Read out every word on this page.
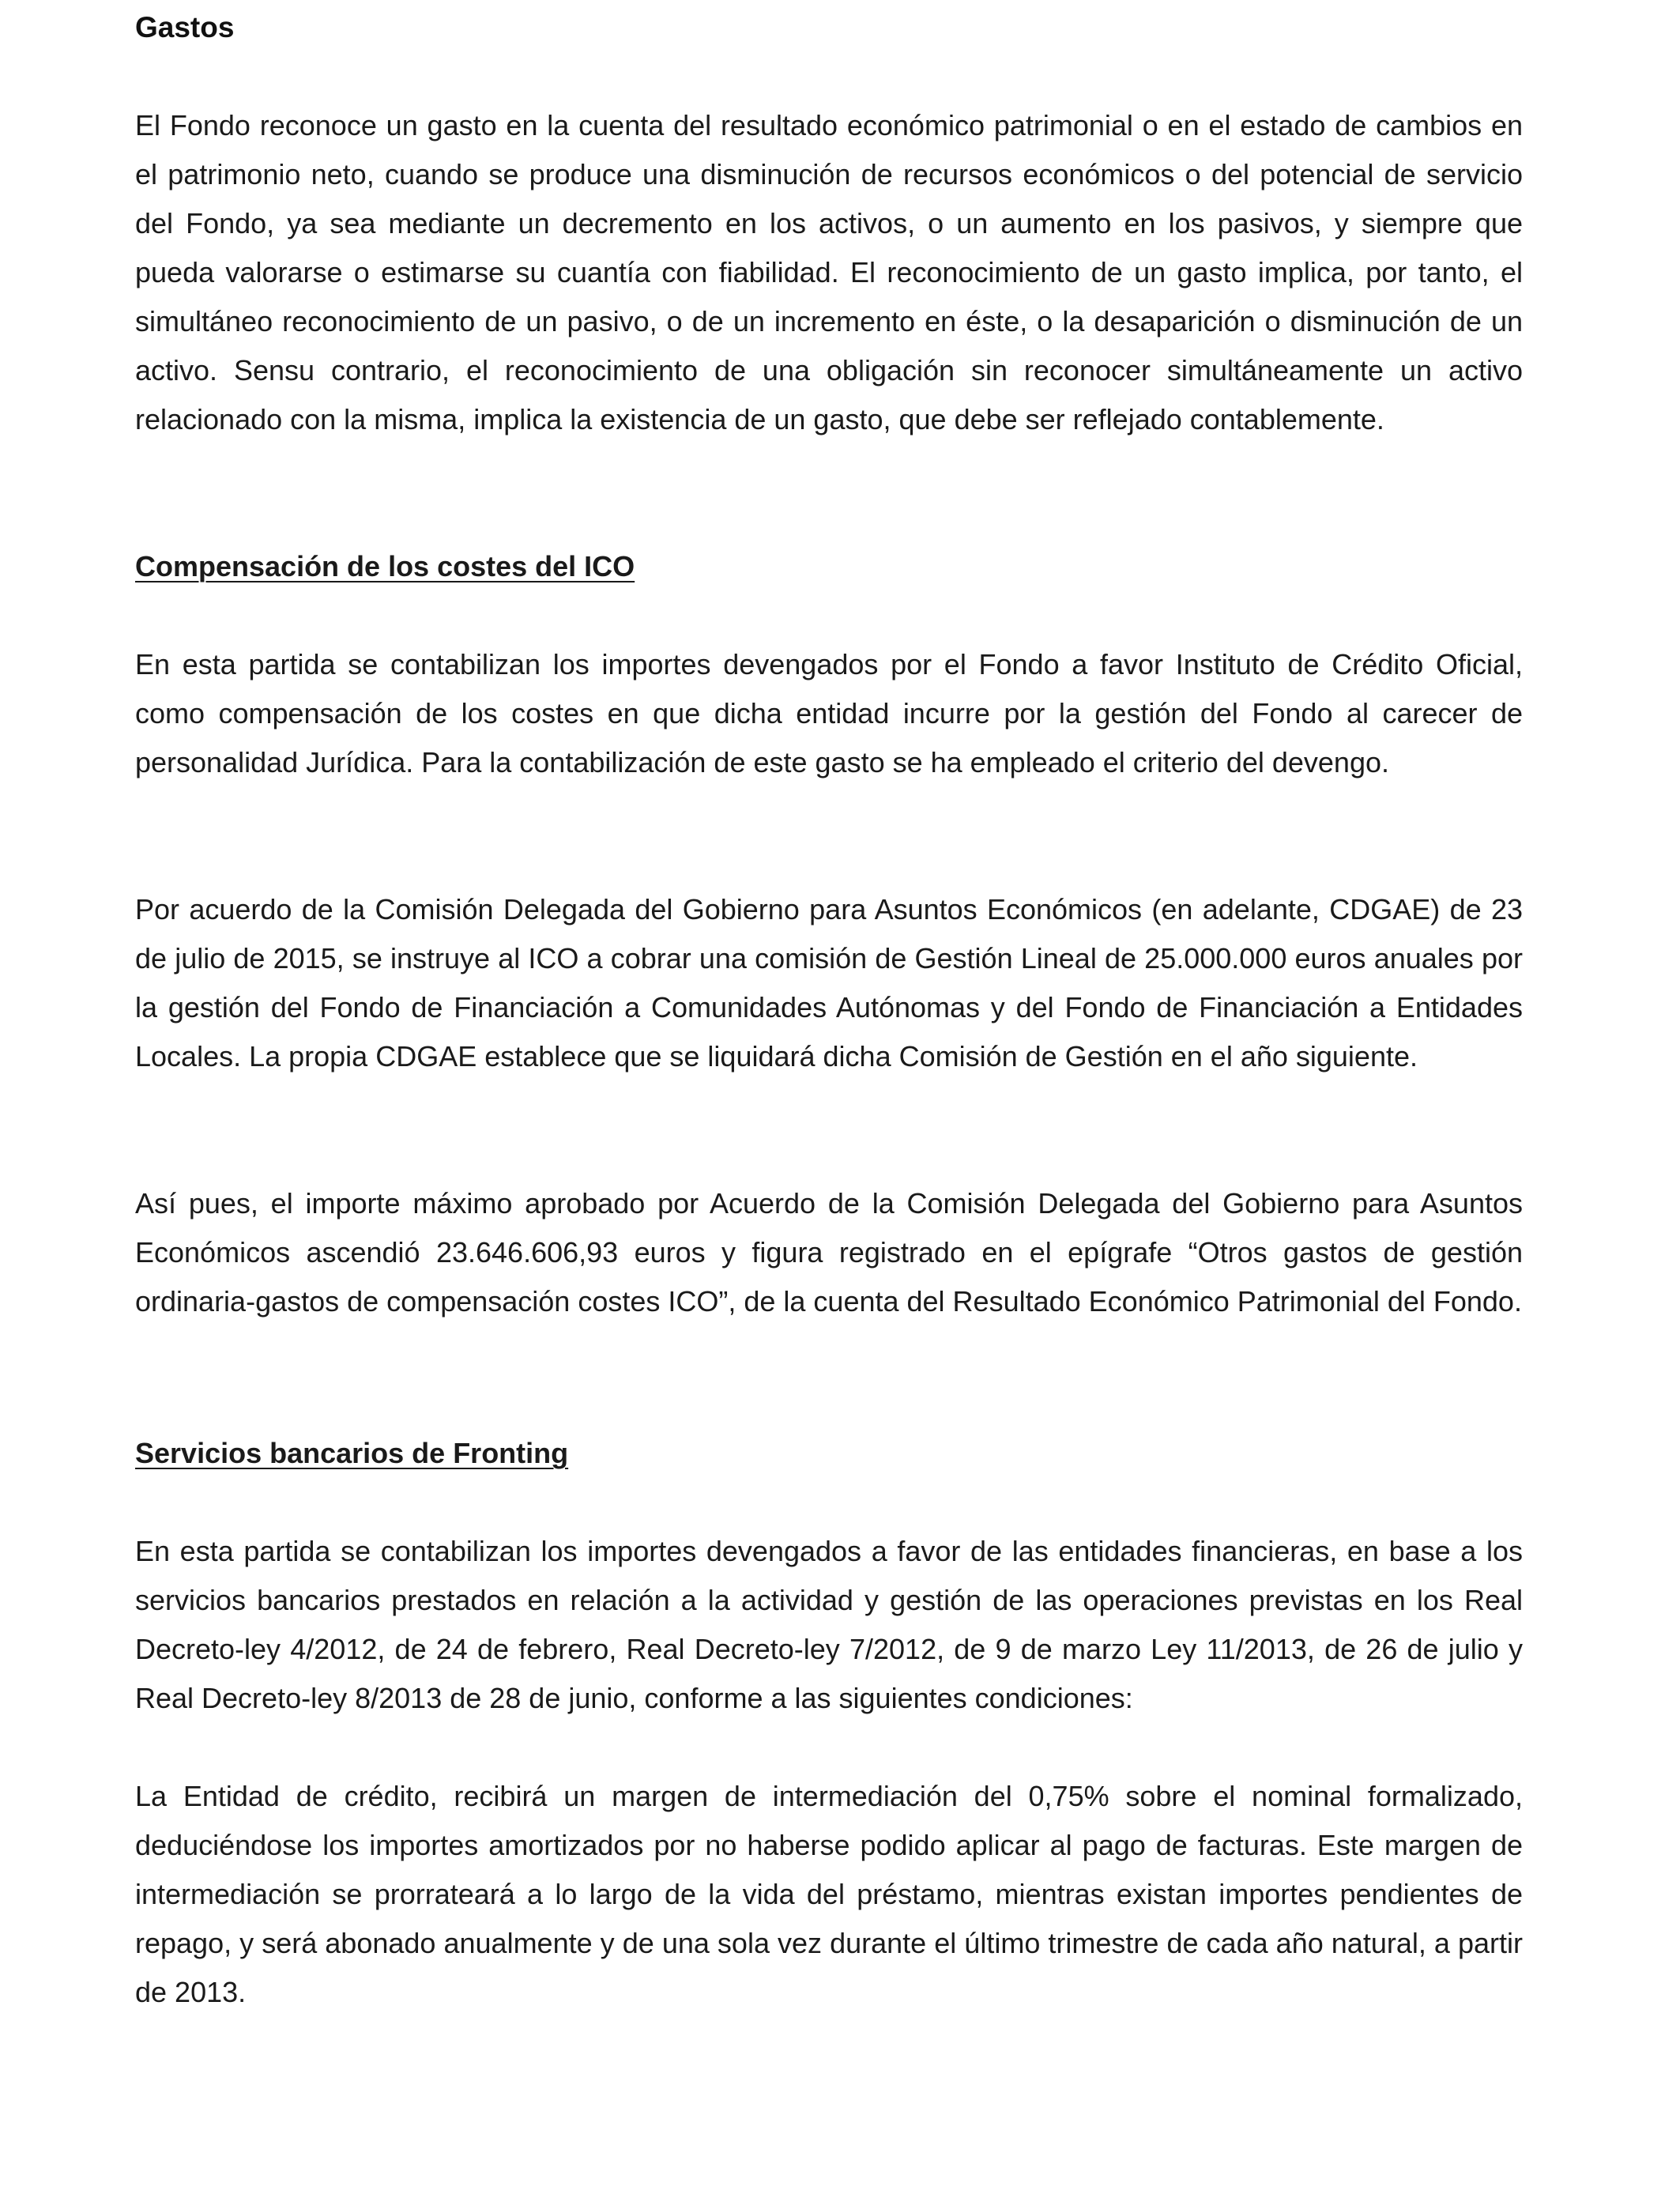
Gastos

El Fondo reconoce un gasto en la cuenta del resultado económico patrimonial o en el estado de cambios en el patrimonio neto, cuando se produce una disminución de recursos económicos o del potencial de servicio del Fondo, ya sea mediante un decremento en los activos, o un aumento en los pasivos, y siempre que pueda valorarse o estimarse su cuantía con fiabilidad. El reconocimiento de un gasto implica, por tanto, el simultáneo reconocimiento de un pasivo, o de un incremento en éste, o la desaparición o disminución de un activo. Sensu contrario, el reconocimiento de una obligación sin reconocer simultáneamente un activo relacionado con la misma, implica la existencia de un gasto, que debe ser reflejado contablemente.

Compensación de los costes del ICO

En esta partida se contabilizan los importes devengados por el Fondo a favor Instituto de Crédito Oficial, como compensación de los costes en que dicha entidad incurre por la gestión del Fondo al carecer de personalidad Jurídica. Para la contabilización de este gasto se ha empleado el criterio del devengo.

Por acuerdo de la Comisión Delegada del Gobierno para Asuntos Económicos (en adelante, CDGAE) de 23 de julio de 2015, se instruye al ICO a cobrar una comisión de Gestión Lineal de 25.000.000 euros anuales por la gestión del Fondo de Financiación a Comunidades Autónomas y del Fondo de Financiación a Entidades Locales. La propia CDGAE establece que se liquidará dicha Comisión de Gestión en el año siguiente.

Así pues, el importe máximo aprobado por Acuerdo de la Comisión Delegada del Gobierno para Asuntos Económicos ascendió 23.646.606,93 euros y figura registrado en el epígrafe “Otros gastos de gestión ordinaria-gastos de compensación costes ICO”, de la cuenta del Resultado Económico Patrimonial del Fondo.

Servicios bancarios de Fronting

En esta partida se contabilizan los importes devengados a favor de las entidades financieras, en base a los servicios bancarios prestados en relación a la actividad y gestión de las operaciones previstas en los Real Decreto-ley 4/2012, de 24 de febrero, Real Decreto-ley 7/2012, de 9 de marzo Ley 11/2013, de 26 de julio y Real Decreto-ley 8/2013 de 28 de junio, conforme a las siguientes condiciones:

La Entidad de crédito, recibirá un margen de intermediación del 0,75% sobre el nominal formalizado, deduciéndose los importes amortizados por no haberse podido aplicar al pago de facturas. Este margen de intermediación se prorrateará a lo largo de la vida del préstamo, mientras existan importes pendientes de repago, y será abonado anualmente y de una sola vez durante el último trimestre de cada año natural, a partir de 2013.
